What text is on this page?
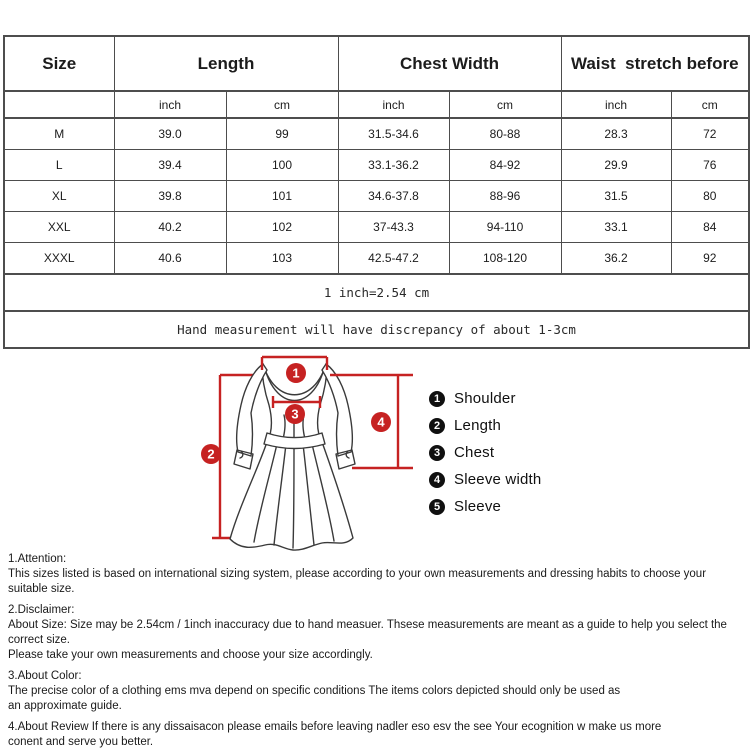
Size	Length		Chest Width		Waist  stretch before	
	inch	cm	inch	cm	inch	cm
M	39.0	99	31.5-34.6	80-88	28.3	72
L	39.4	100	33.1-36.2	84-92	29.9	76
XL	39.8	101	34.6-37.8	88-96	31.5	80
XXL	40.2	102	37-43.3	94-110	33.1	84
XXXL	40.6	103	42.5-47.2	108-120	36.2	92
1 inch=2.54 cm						
Hand measurement will have discrepancy of about 1-3cm						
1
2
3
4
1 Shoulder
2 Length
3 Chest
4 Sleeve width
5 Sleeve
1.Attention:
This sizes listed is based on international sizing system, please according to your own measurements and dressing habits to choose your suitable size.
2.Disclaimer:
About Size: Size may be 2.54cm / 1inch inaccuracy due to hand measuer. Thsese measurements are meant as a guide to help you select the correct size.
Please take your own measurements and choose your size accordingly.
3.About Color:
The precise color of a clothing ems mva depend on specific conditions The items colors depicted should only be used as
an approximate guide.
4.About Review If there is any dissaisacon please emails before leaving nadler eso esv the see Your ecognition w make us more
conent and serve you better.
